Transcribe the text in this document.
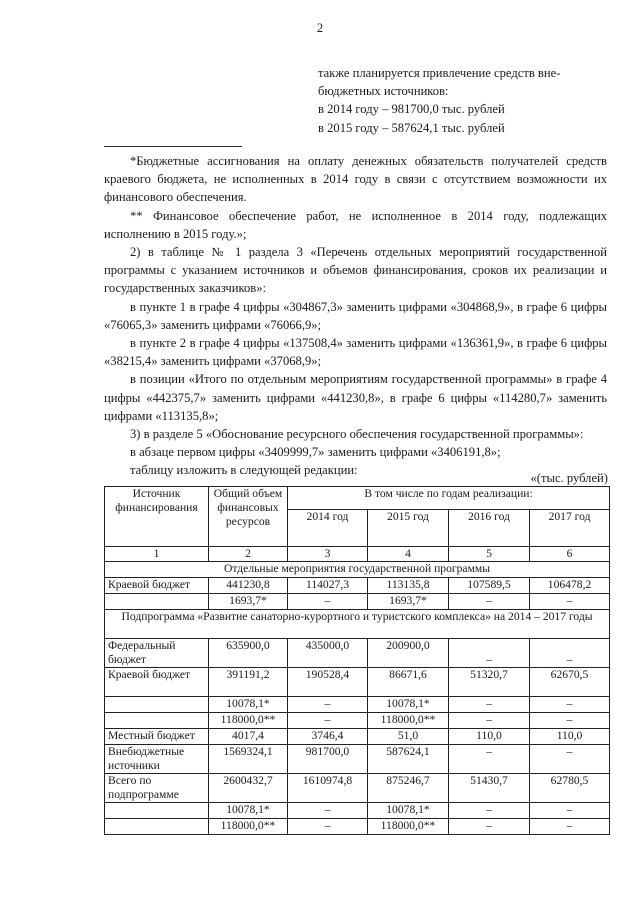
2
также планируется привлечение средств вне-
бюджетных источников:
в 2014 году – 981700,0 тыс. рублей
в 2015 году – 587624,1 тыс. рублей

*Бюджетные ассигнования на оплату денежных обязательств получателей средств краевого бюджета, не исполненных в 2014 году в связи с отсутствием возможности их финансового обеспечения.

** Финансовое обеспечение работ, не исполненное в 2014 году, подлежащих исполнению в 2015 году.»;

2) в таблице № 1 раздела 3 «Перечень отдельных мероприятий государственной программы с указанием источников и объемов финансирования, сроков их реализации и государственных заказчиков»:

в пункте 1 в графе 4 цифры «304867,3» заменить цифрами «304868,9», в графе 6 цифры «76065,3» заменить цифрами «76066,9»;

в пункте 2 в графе 4 цифры «137508,4» заменить цифрами «136361,9», в графе 6 цифры «38215,4» заменить цифрами «37068,9»;

в позиции «Итого по отдельным мероприятиям государственной программы» в графе 4 цифры «442375,7» заменить цифрами «441230,8», в графе 6 цифры «114280,7» заменить цифрами «113135,8»;

3) в разделе 5 «Обоснование ресурсного обеспечения государственной программы»:

в абзаце первом цифры «3409999,7» заменить цифрами «3406191,8»;

таблицу изложить в следующей редакции:

«(тыс. рублей)
Источник финансирования	Общий объем финансовых ресурсов	В том числе по годам реализации:			
		2014 год	2015 год	2016 год	2017 год
1	2	3	4	5	6
Отдельные мероприятия государственной программы					
Краевой бюджет	441230,8	114027,3	113135,8	107589,5	106478,2
	1693,7*	–	1693,7*	–	–
Подпрограмма «Развитие санаторно-курортного и туристского комплекса» на 2014 – 2017 годы					
Федеральный бюджет	635900,0	435000,0	200900,0	–	–
Краевой бюджет	391191,2	190528,4	86671,6	51320,7	62670,5
	10078,1*	–	10078,1*	–	–
	118000,0**	–	118000,0**	–	–
Местный бюджет	4017,4	3746,4	51,0	110,0	110,0
Внебюджетные источники	1569324,1	981700,0	587624,1	–	–
Всего по подпрограмме	2600432,7	1610974,8	875246,7	51430,7	62780,5
	10078,1*	–	10078,1*	–	–
	118000,0**	–	118000,0**	–	–
